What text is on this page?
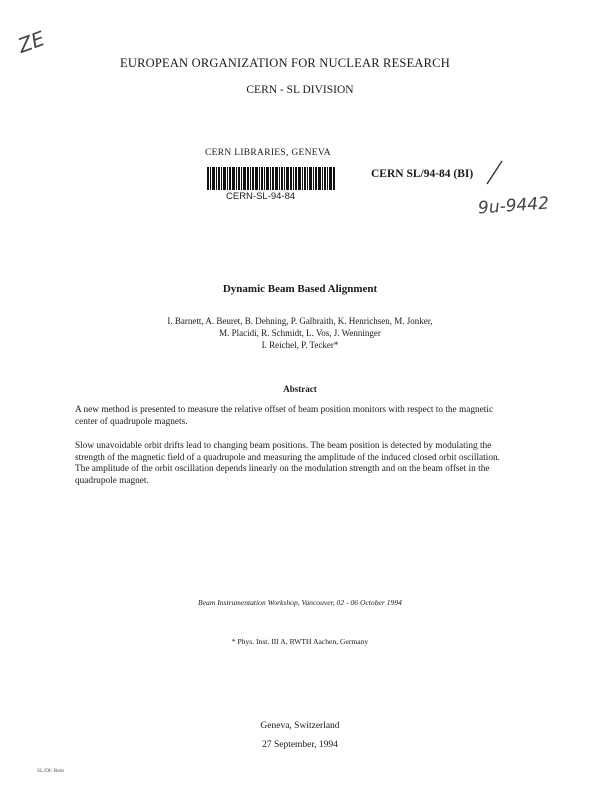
ZE
EUROPEAN ORGANIZATION FOR NUCLEAR RESEARCH
CERN - SL DIVISION
CERN LIBRARIES, GENEVA
CERN-SL-94-84
CERN SL/94-84 (BI)
9u-9442
Dynamic Beam Based Alignment
I. Barnett, A. Beuret, B. Dehning, P. Galbraith, K. Henrichsen, M. Jonker,
M. Placidi, R. Schmidt, L. Vos, J. Wenninger
I. Reichel, P. Tecker*
Abstract
A new method is presented to measure the relative offset of beam position monitors with respect to the magnetic center of quadrupole magnets.
Slow unavoidable orbit drifts lead to changing beam positions. The beam position is detected by modulating the strength of the magnetic field of a quadrupole and measuring the amplitude of the induced closed orbit oscillation. The amplitude of the orbit oscillation depends linearly on the modulation strength and on the beam offset in the quadrupole magnet.
Beam Instrumentation Workshop, Vancouver, 02 - 06 October 1994
* Phys. Inst. III A, RWTH Aachen, Germany
Geneva, Switzerland
27 September, 1994
SL/DI/ Rem
